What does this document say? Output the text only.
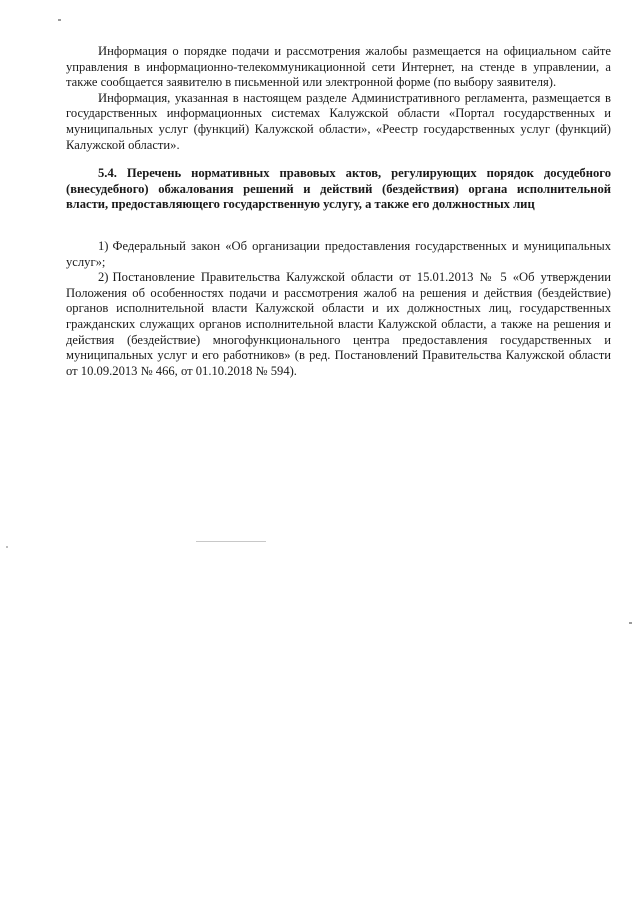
Информация о порядке подачи и рассмотрения жалобы размещается на официальном сайте управления в информационно-телекоммуникационной сети Интернет, на стенде в управлении, а также сообщается заявителю в письменной или электронной форме (по выбору заявителя).

Информация, указанная в настоящем разделе Административного регламента, размещается в государственных информационных системах Калужской области «Портал государственных и муниципальных услуг (функций) Калужской области», «Реестр государственных услуг (функций) Калужской области».

5.4. Перечень нормативных правовых актов, регулирующих порядок досудебного (внесудебного) обжалования решений и действий (бездействия) органа исполнительной власти, предоставляющего государственную услугу, а также его должностных лиц

1) Федеральный закон «Об организации предоставления государственных и муниципальных услуг»;

2) Постановление Правительства Калужской области от 15.01.2013 № 5 «Об утверждении Положения об особенностях подачи и рассмотрения жалоб на решения и действия (бездействие) органов исполнительной власти Калужской области и их должностных лиц, государственных гражданских служащих органов исполнительной власти Калужской области, а также на решения и действия (бездействие) многофункционального центра предоставления государственных и муниципальных услуг и его работников» (в ред. Постановлений Правительства Калужской области от 10.09.2013 № 466, от 01.10.2018 № 594).
